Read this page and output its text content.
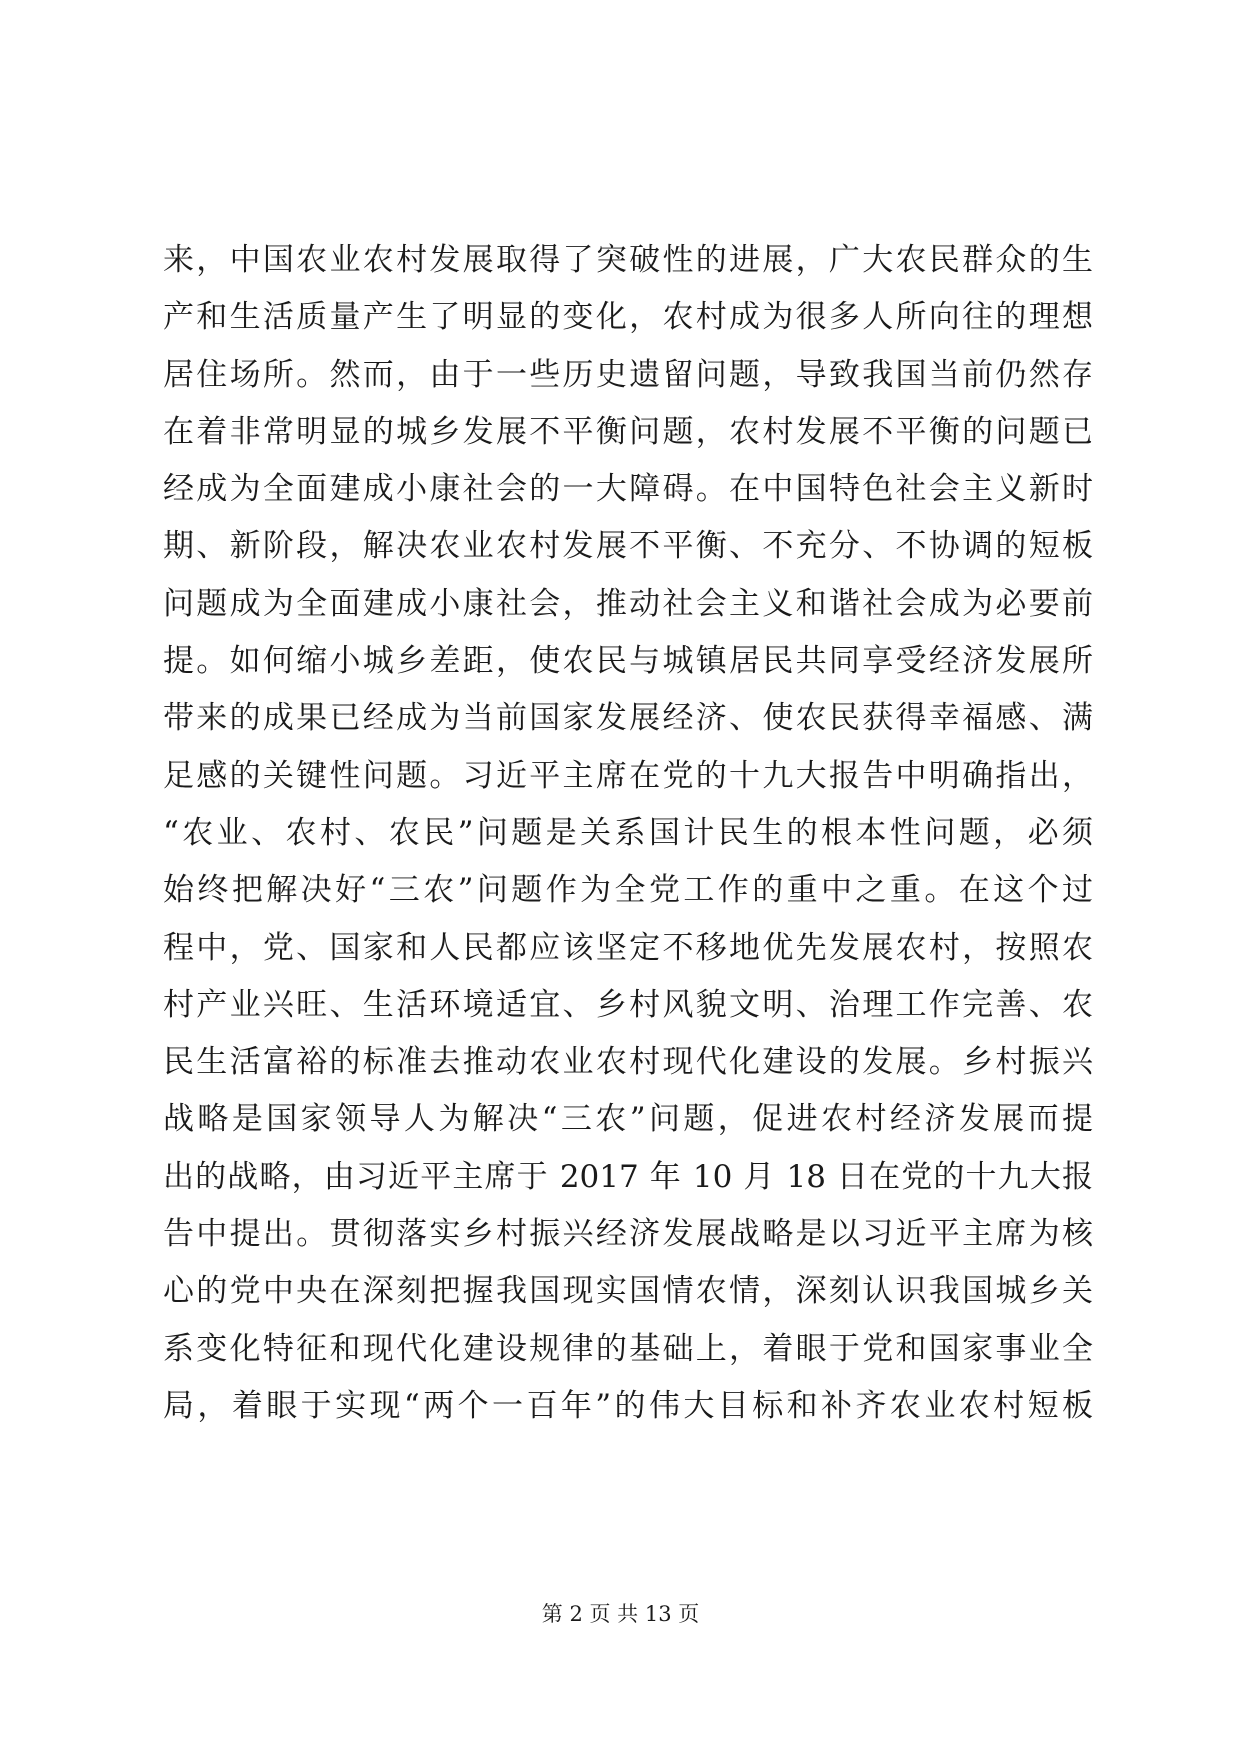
来，中国农业农村发展取得了突破性的进展，广大农民群众的生
产和生活质量产生了明显的变化，农村成为很多人所向往的理想
居住场所。然而，由于一些历史遗留问题，导致我国当前仍然存
在着非常明显的城乡发展不平衡问题，农村发展不平衡的问题已
经成为全面建成小康社会的一大障碍。在中国特色社会主义新时
期、新阶段，解决农业农村发展不平衡、不充分、不协调的短板
问题成为全面建成小康社会，推动社会主义和谐社会成为必要前
提。如何缩小城乡差距，使农民与城镇居民共同享受经济发展所
带来的成果已经成为当前国家发展经济、使农民获得幸福感、满
足感的关键性问题。习近平主席在党的十九大报告中明确指出，
“农业、农村、农民”问题是关系国计民生的根本性问题，必须
始终把解决好“三农”问题作为全党工作的重中之重。在这个过
程中，党、国家和人民都应该坚定不移地优先发展农村，按照农
村产业兴旺、生活环境适宜、乡村风貌文明、治理工作完善、农
民生活富裕的标准去推动农业农村现代化建设的发展。乡村振兴
战略是国家领导人为解决“三农”问题，促进农村经济发展而提
出的战略，由习近平主席于 2017 年 10 月 18 日在党的十九大报
告中提出。贯彻落实乡村振兴经济发展战略是以习近平主席为核
心的党中央在深刻把握我国现实国情农情，深刻认识我国城乡关
系变化特征和现代化建设规律的基础上，着眼于党和国家事业全
局，着眼于实现“两个一百年”的伟大目标和补齐农业农村短板
第 2 页 共 13 页
